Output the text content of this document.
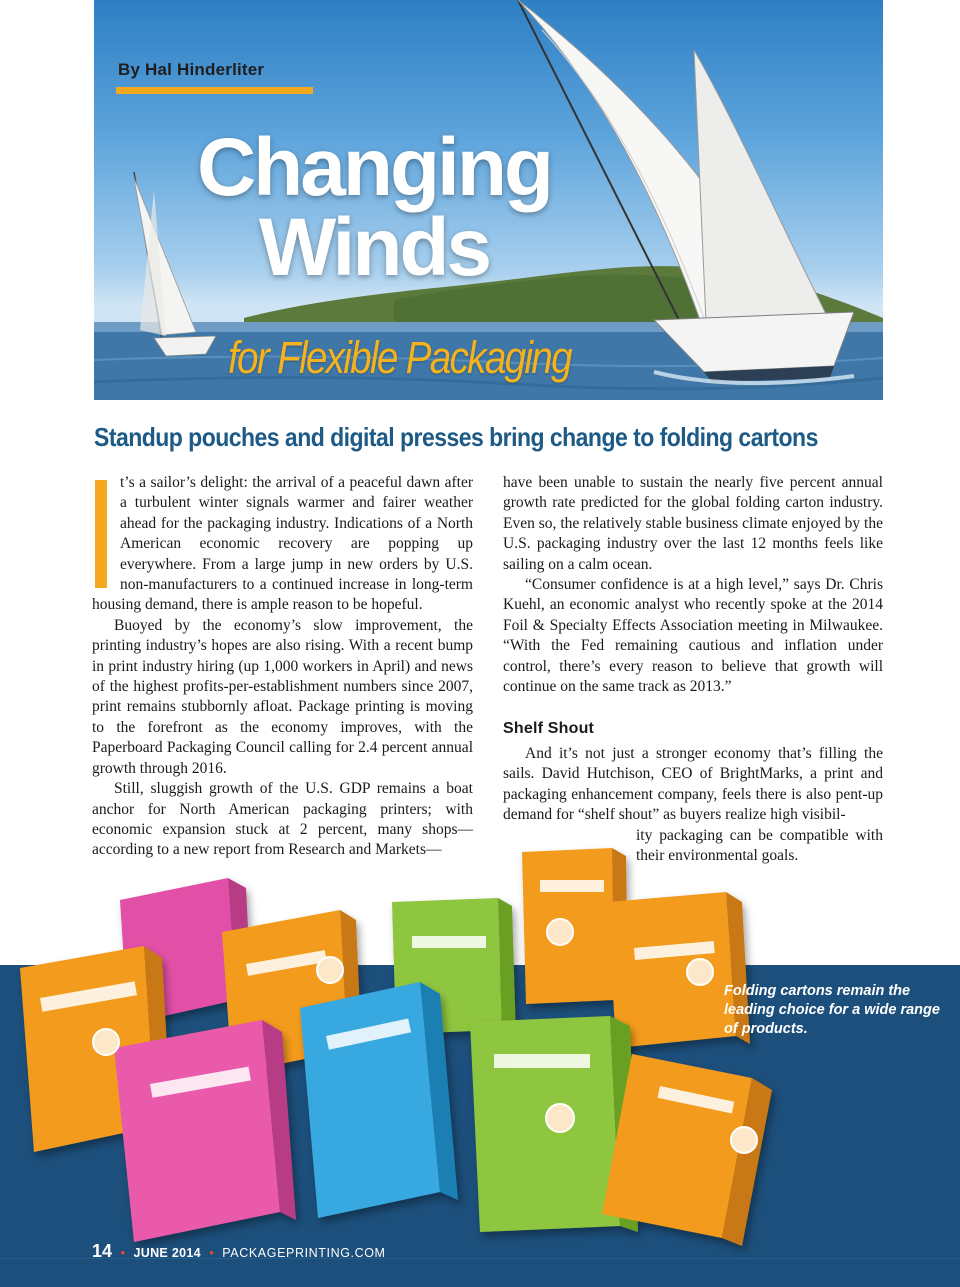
By Hal Hinderliter
Changing
Winds
for Flexible Packaging
Standup pouches and digital presses bring change to folding cartons

t’s a sailor’s delight: the arrival of a peaceful dawn after a turbulent winter signals warmer and fairer weather ahead for the packaging industry. Indications of a North American economic recovery are popping up everywhere. From a large jump in new orders by U.S. non-manufacturers to a continued increase in long-term housing demand, there is ample reason to be hopeful.

Buoyed by the economy’s slow improvement, the printing industry’s hopes are also rising. With a recent bump in print industry hiring (up 1,000 workers in April) and news of the highest profits-per-establishment numbers since 2007, print remains stubbornly afloat. Package printing is moving to the forefront as the economy improves, with the Paperboard Packaging Council calling for 2.4 percent annual growth through 2016.

Still, sluggish growth of the U.S. GDP remains a boat anchor for North American packaging printers; with economic expansion stuck at 2 percent, many shops—according to a new report from Research and Markets—

have been unable to sustain the nearly five percent annual growth rate predicted for the global folding carton industry. Even so, the relatively stable business climate enjoyed by the U.S. packaging industry over the last 12 months feels like sailing on a calm ocean.

“Consumer confidence is at a high level,” says Dr. Chris Kuehl, an economic analyst who recently spoke at the 2014 Foil & Specialty Effects Association meeting in Milwaukee. “With the Fed remaining cautious and inflation under control, there’s every reason to believe that growth will continue on the same track as 2013.”

Shelf Shout

And it’s not just a stronger economy that’s filling the sails. David Hutchison, CEO of BrightMarks, a print and packaging enhancement company, feels there is also pent-up demand for “shelf shout” as buyers realize high visibil-

ity packaging can be compatible with their environmental goals.

Folding cartons remain the leading choice for a wide range of products.
14 • JUNE 2014 • PACKAGEPRINTING.COM
